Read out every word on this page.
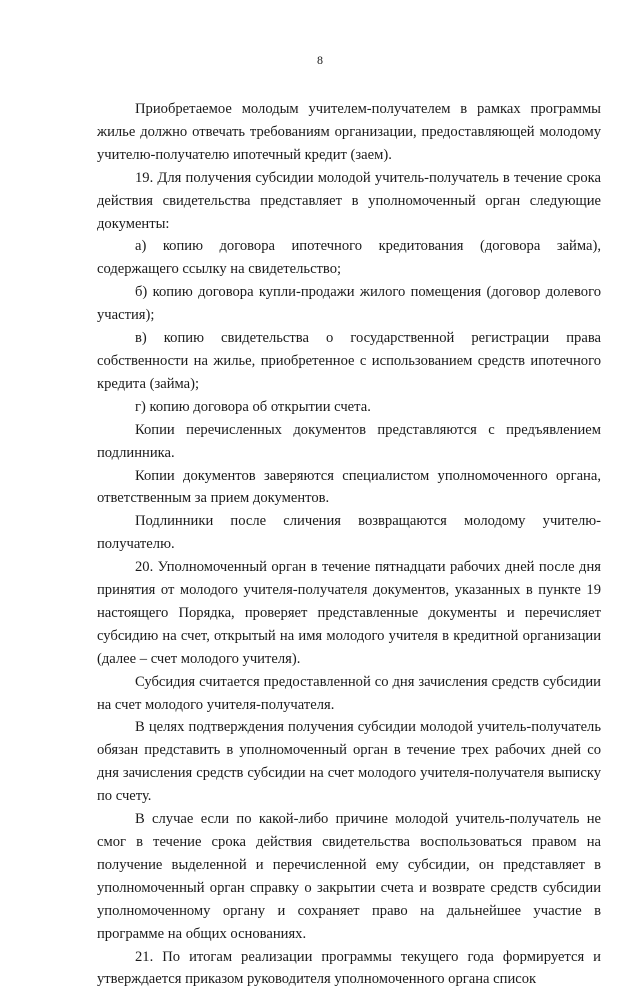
8

Приобретаемое молодым учителем-получателем в рамках программы жилье должно отвечать требованиям организации, предоставляющей молодому учителю-получателю ипотечный кредит (заем).

19. Для получения субсидии молодой учитель-получатель в течение срока действия свидетельства представляет в уполномоченный орган следующие документы:

а) копию договора ипотечного кредитования (договора займа), содержащего ссылку на свидетельство;

б) копию договора купли-продажи жилого помещения (договор долевого участия);

в) копию свидетельства о государственной регистрации права собственности на жилье, приобретенное с использованием средств ипотечного кредита (займа);

г) копию договора об открытии счета.

Копии перечисленных документов представляются с предъявлением подлинника.

Копии документов заверяются специалистом уполномоченного органа, ответственным за прием документов.

Подлинники после сличения возвращаются молодому учителю-получателю.

20. Уполномоченный орган в течение пятнадцати рабочих дней после дня принятия от молодого учителя-получателя документов, указанных в пункте 19 настоящего Порядка, проверяет представленные документы и перечисляет субсидию на счет, открытый на имя молодого учителя в кредитной организации (далее – счет молодого учителя).

Субсидия считается предоставленной со дня зачисления средств субсидии на счет молодого учителя-получателя.

В целях подтверждения получения субсидии молодой учитель-получатель обязан представить в уполномоченный орган в течение трех рабочих дней со дня зачисления средств субсидии на счет молодого учителя-получателя выписку по счету.

В случае если по какой-либо причине молодой учитель-получатель не смог в течение срока действия свидетельства воспользоваться правом на получение выделенной и перечисленной ему субсидии, он представляет в уполномоченный орган справку о закрытии счета и возврате средств субсидии уполномоченному органу и сохраняет право на дальнейшее участие в программе на общих основаниях.

21. По итогам реализации программы текущего года формируется и утверждается приказом руководителя уполномоченного органа список
